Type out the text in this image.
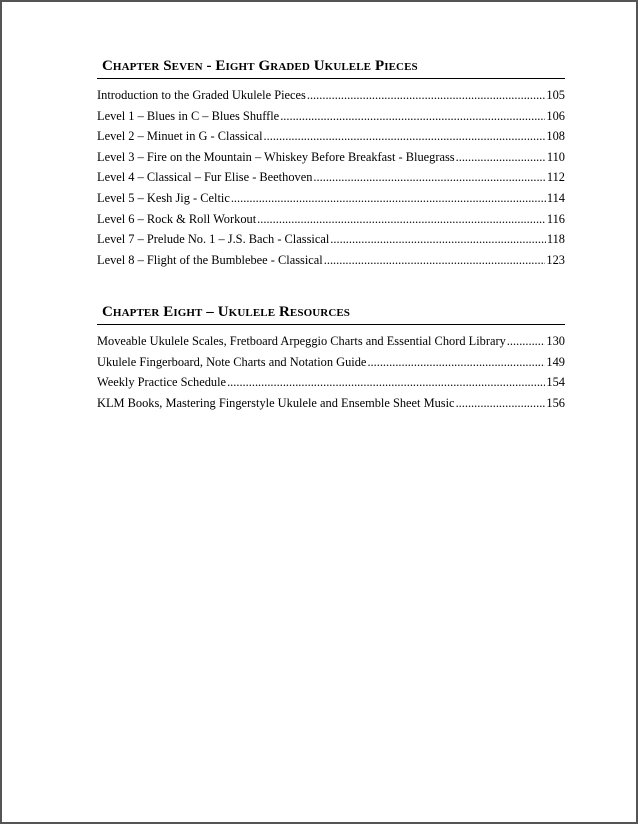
Chapter Seven - Eight Graded Ukulele Pieces
Introduction to the Graded Ukulele Pieces .....	105
Level 1 – Blues in C – Blues Shuffle .....	106
Level 2 – Minuet in G - Classical .....	108
Level 3 – Fire on the Mountain – Whiskey Before Breakfast - Bluegrass .....	110
Level 4 – Classical – Fur Elise - Beethoven .....	112
Level 5 – Kesh Jig - Celtic .....	114
Level 6 – Rock & Roll Workout .....	116
Level 7 – Prelude No. 1 – J.S. Bach - Classical .....	118
Level 8 – Flight of the Bumblebee - Classical .....	123
Chapter Eight – Ukulele Resources
Moveable Ukulele Scales, Fretboard Arpeggio Charts and Essential Chord Library .....	130
Ukulele Fingerboard, Note Charts and Notation Guide .....	149
Weekly Practice Schedule .....	154
KLM Books, Mastering Fingerstyle Ukulele and Ensemble Sheet Music .....	156
